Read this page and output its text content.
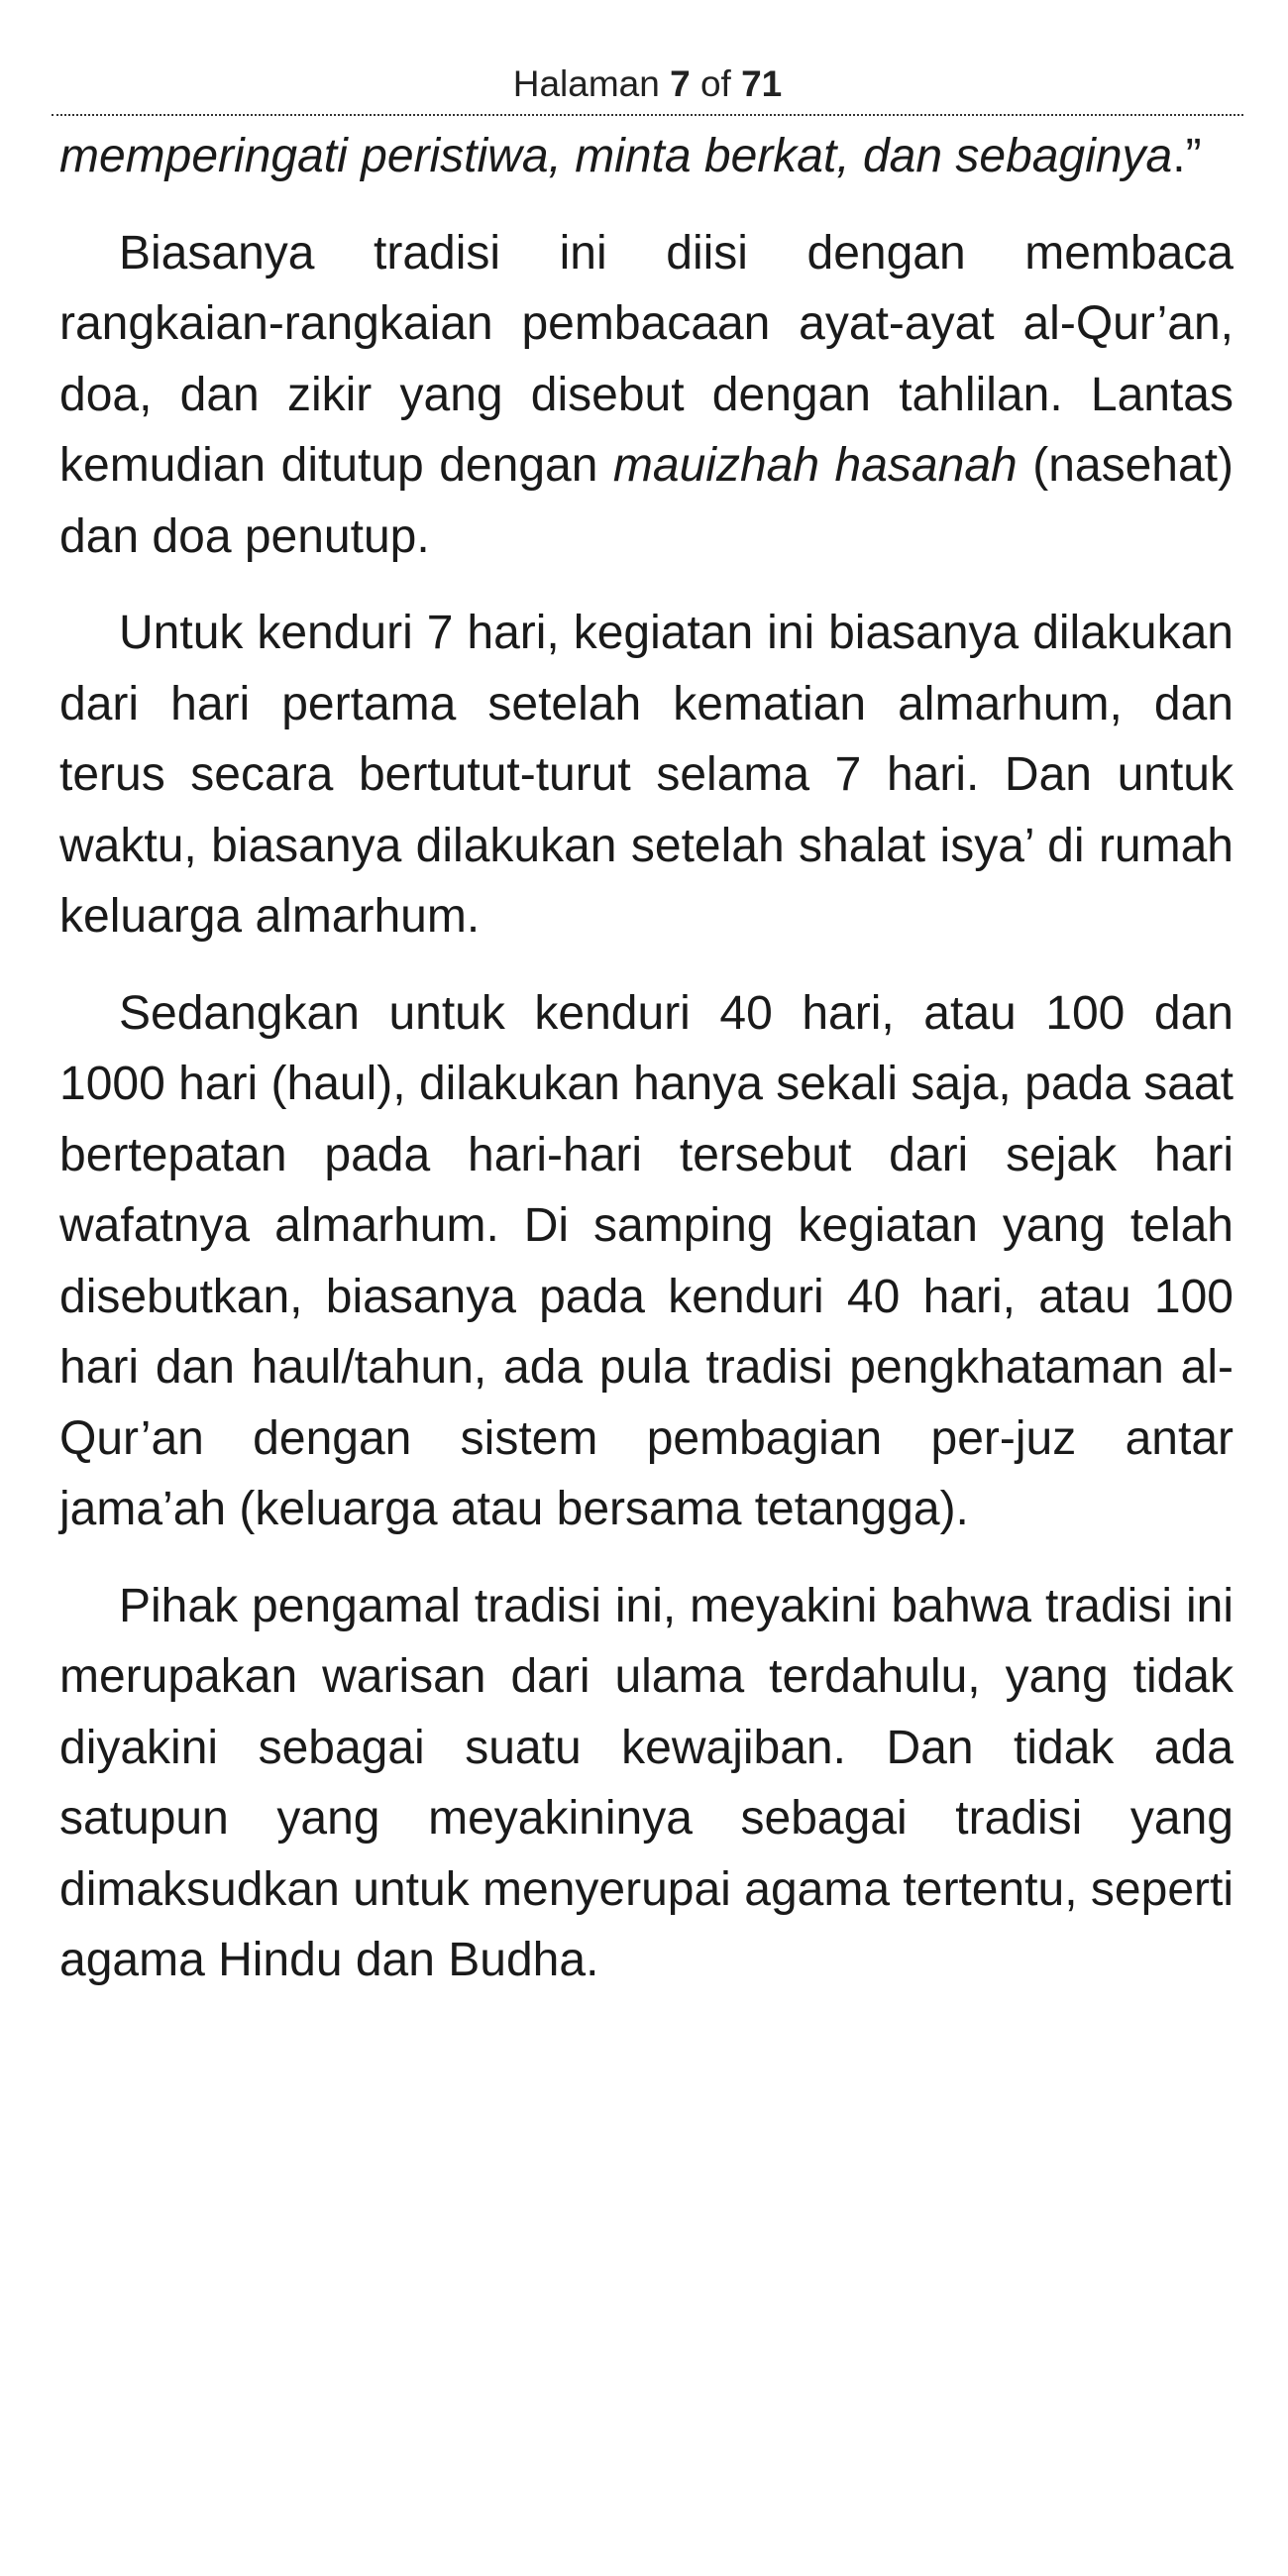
Halaman 7 of 71

memperingati peristiwa, minta berkat, dan sebaginya.”

Biasanya tradisi ini diisi dengan membaca rangkaian-rangkaian pembacaan ayat-ayat al-Qur’an, doa, dan zikir yang disebut dengan tahlilan. Lantas kemudian ditutup dengan mauizhah hasanah (nasehat) dan doa penutup.

Untuk kenduri 7 hari, kegiatan ini biasanya dilakukan dari hari pertama setelah kematian almarhum, dan terus secara bertutut-turut selama 7 hari. Dan untuk waktu, biasanya dilakukan setelah shalat isya’ di rumah keluarga almarhum.

Sedangkan untuk kenduri 40 hari, atau 100 dan 1000 hari (haul), dilakukan hanya sekali saja, pada saat bertepatan pada hari-hari tersebut dari sejak hari wafatnya almarhum. Di samping kegiatan yang telah disebutkan, biasanya pada kenduri 40 hari, atau 100 hari dan haul/tahun, ada pula tradisi pengkhataman al-Qur’an dengan sistem pembagian per-juz antar jama’ah (keluarga atau bersama tetangga).

Pihak pengamal tradisi ini, meyakini bahwa tradisi ini merupakan warisan dari ulama terdahulu, yang tidak diyakini sebagai suatu kewajiban. Dan tidak ada satupun yang meyakininya sebagai tradisi yang dimaksudkan untuk menyerupai agama tertentu, seperti agama Hindu dan Budha.
